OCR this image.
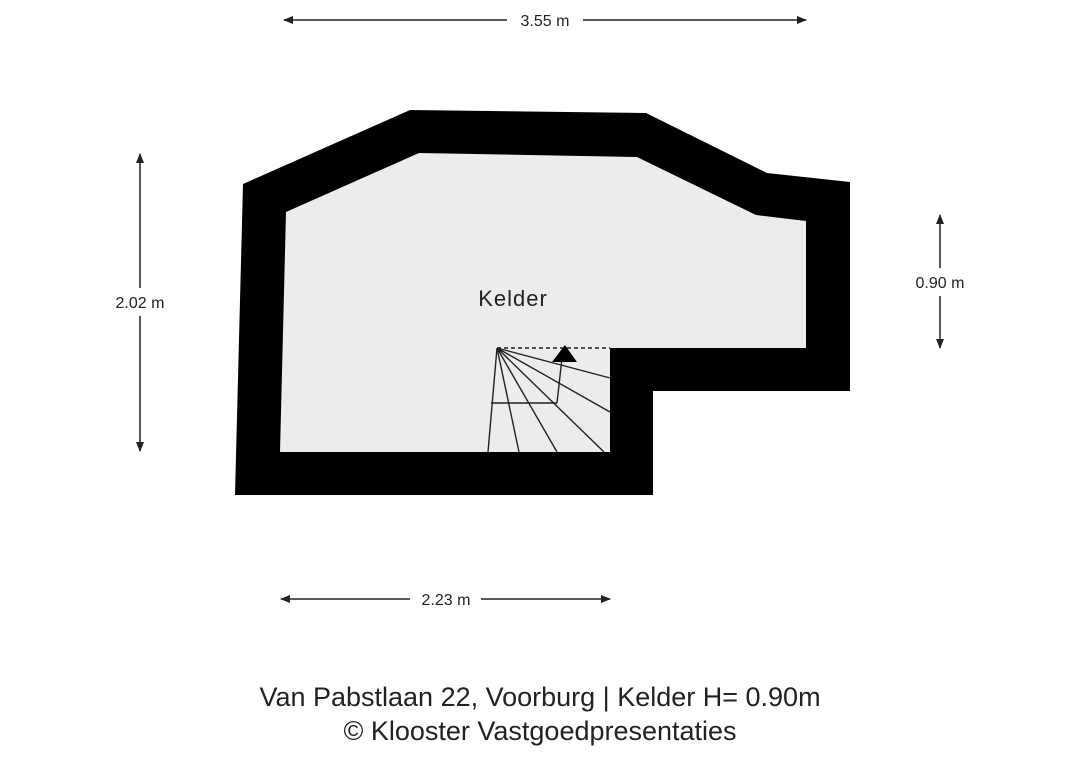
Kelder
3.55 m
2.02 m
0.90 m
2.23 m
Van Pabstlaan 22, Voorburg | Kelder H= 0.90m
© Klooster Vastgoedpresentaties
